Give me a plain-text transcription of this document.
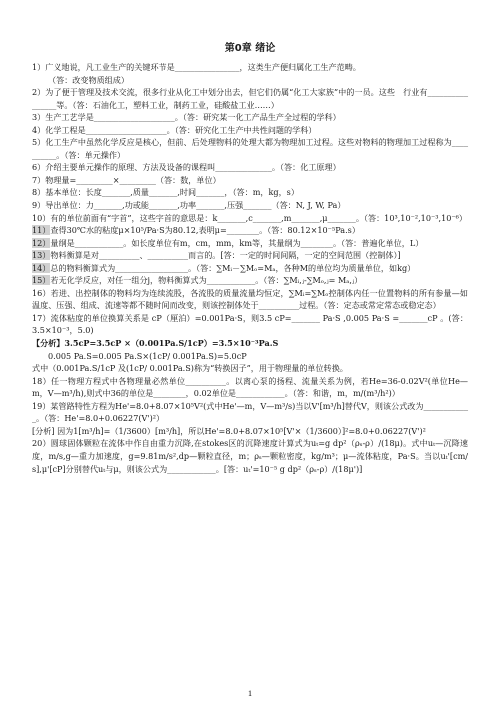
第0章 绪论
1）广义地说，凡工业生产的关键环节是________________，这类生产便归属化工生产范畴。
（答：改变物质组成）
2）为了便于管理及技术交流，很多行业从化工中划分出去，但它们仍属“化工大家族”中的一员。这些　行业有________________等。（答：石油化工，塑料工业，制药工业，硅酸盐工业……）
3）生产工艺学是____________________。（答：研究某一化工产品生产全过程的学科）
4）化学工程是____________________。（答：研究化工生产中共性问题的学科）
5）化工生产中虽然化学反应是核心，但前、后处理物料的处理大都为物理加工过程。这些对物料的物理加工过程称为__________。（答：单元操作）
6）介绍主要单元操作的原理、方法及设备的课程叫______________。（答：化工原理）
7）物理量=_________×_________（答：数，单位）
8）基本单位：长度_______,质量_______,时间_______，（答：m，kg，s）
9）导出单位：力_______,功或能_______,功率_______,压强_______（答：N, J, W, Pa）
10）有的单位前面有“字首”，这些字首的意思是：k_______,c_______,m_______,μ_______。（答：10³,10⁻²,10⁻³,10⁻⁶）
11）查得30℃水的粘度μ×10⁵/Pa·S为80.12,表明μ=________。（答：80.12×10⁻⁵Pa.s）
12）量纲是____________。如长度单位有m，cm，mm，km等，其量纲为________。（答：普遍化单位，L）
13）物料衡算是对__________、__________而言的。[答：一定的时间间隔，一定的空间范围（控制体）]
14）总的物料衡算式为__________________。（答：∑Mᵢ－∑Mₒ=Mₐ，各种M的单位均为质量单位，如kg）
15）若无化学反应，对任一组分j，物料衡算式为____________。（答：∑Mᵢ,ⱼ-∑Mₒ,ⱼ= Mₐ,ⱼ）
16）若进、出控制体的物料均为连续流股，各流股的质量流量均恒定，∑Mᵢ=∑Mₒ控制体内任一位置物料的所有参量—如温度、压强、组成、流速等都不随时间而改变，则该控制体处于__________过程。（答：定态或常定常态或稳定态）
17）流体粘度的单位换算关系是 cP（厘泊）=0.001Pa·S，则3.5 cP=_______ Pa·S ,0.005 Pa·S =_______cP 。(答：3.5×10⁻³，5.0)
【分析】3.5cP=3.5cP ×（0.001Pa.S/1cP）=3.5×10⁻³Pa.S
0.005 Pa.S=0.005 Pa.S×(1cP/ 0.001Pa.S)=5.0cP
式中（0.001Pa.S/1cP 及(1cP/ 0.001Pa.S)称为“转换因子”，用于物理量的单位转换。
18）任一物理方程式中各物理量必然单位__________。以离心泵的扬程、流量关系为例，若He=36-0.02V²(单位He—m，V—m³/h),则式中36的单位是________，0.02单位是____________。（答：和谐，m，m/(m³/h²)）
19）某管路特性方程为He'=8.0+8.07×10⁵V²(式中He'—m，V—m³/s)当以V'[m³/h]替代V，则该公式改为____________。（答：He'=8.0+0.06227(V')²）
[分析] 因为1[m³/h]=（1/3600）[m³/h]，所以He'=8.0+8.07×10⁵[V'×（1/3600）]²=8.0+0.06227(V')²
20）圆球固体颗粒在流体中作自由重力沉降,在stokes区的沉降速度计算式为uₜ=g dp²（ρₛ-ρ）/(18μ)。式中uₜ—沉降速度，m/s,g—重力加速度，g=9.81m/s²,dp—颗粒直径，m；ρₛ—颗粒密度，kg/m³；μ—流体粘度，Pa·S。当以uₜ'[cm/s],μ'[cP]分别替代uₜ与μ，则该公式为____________。[答：uₜ'=10⁻⁵ g dp²（ρₛ-ρ）/(18μ')]
1
